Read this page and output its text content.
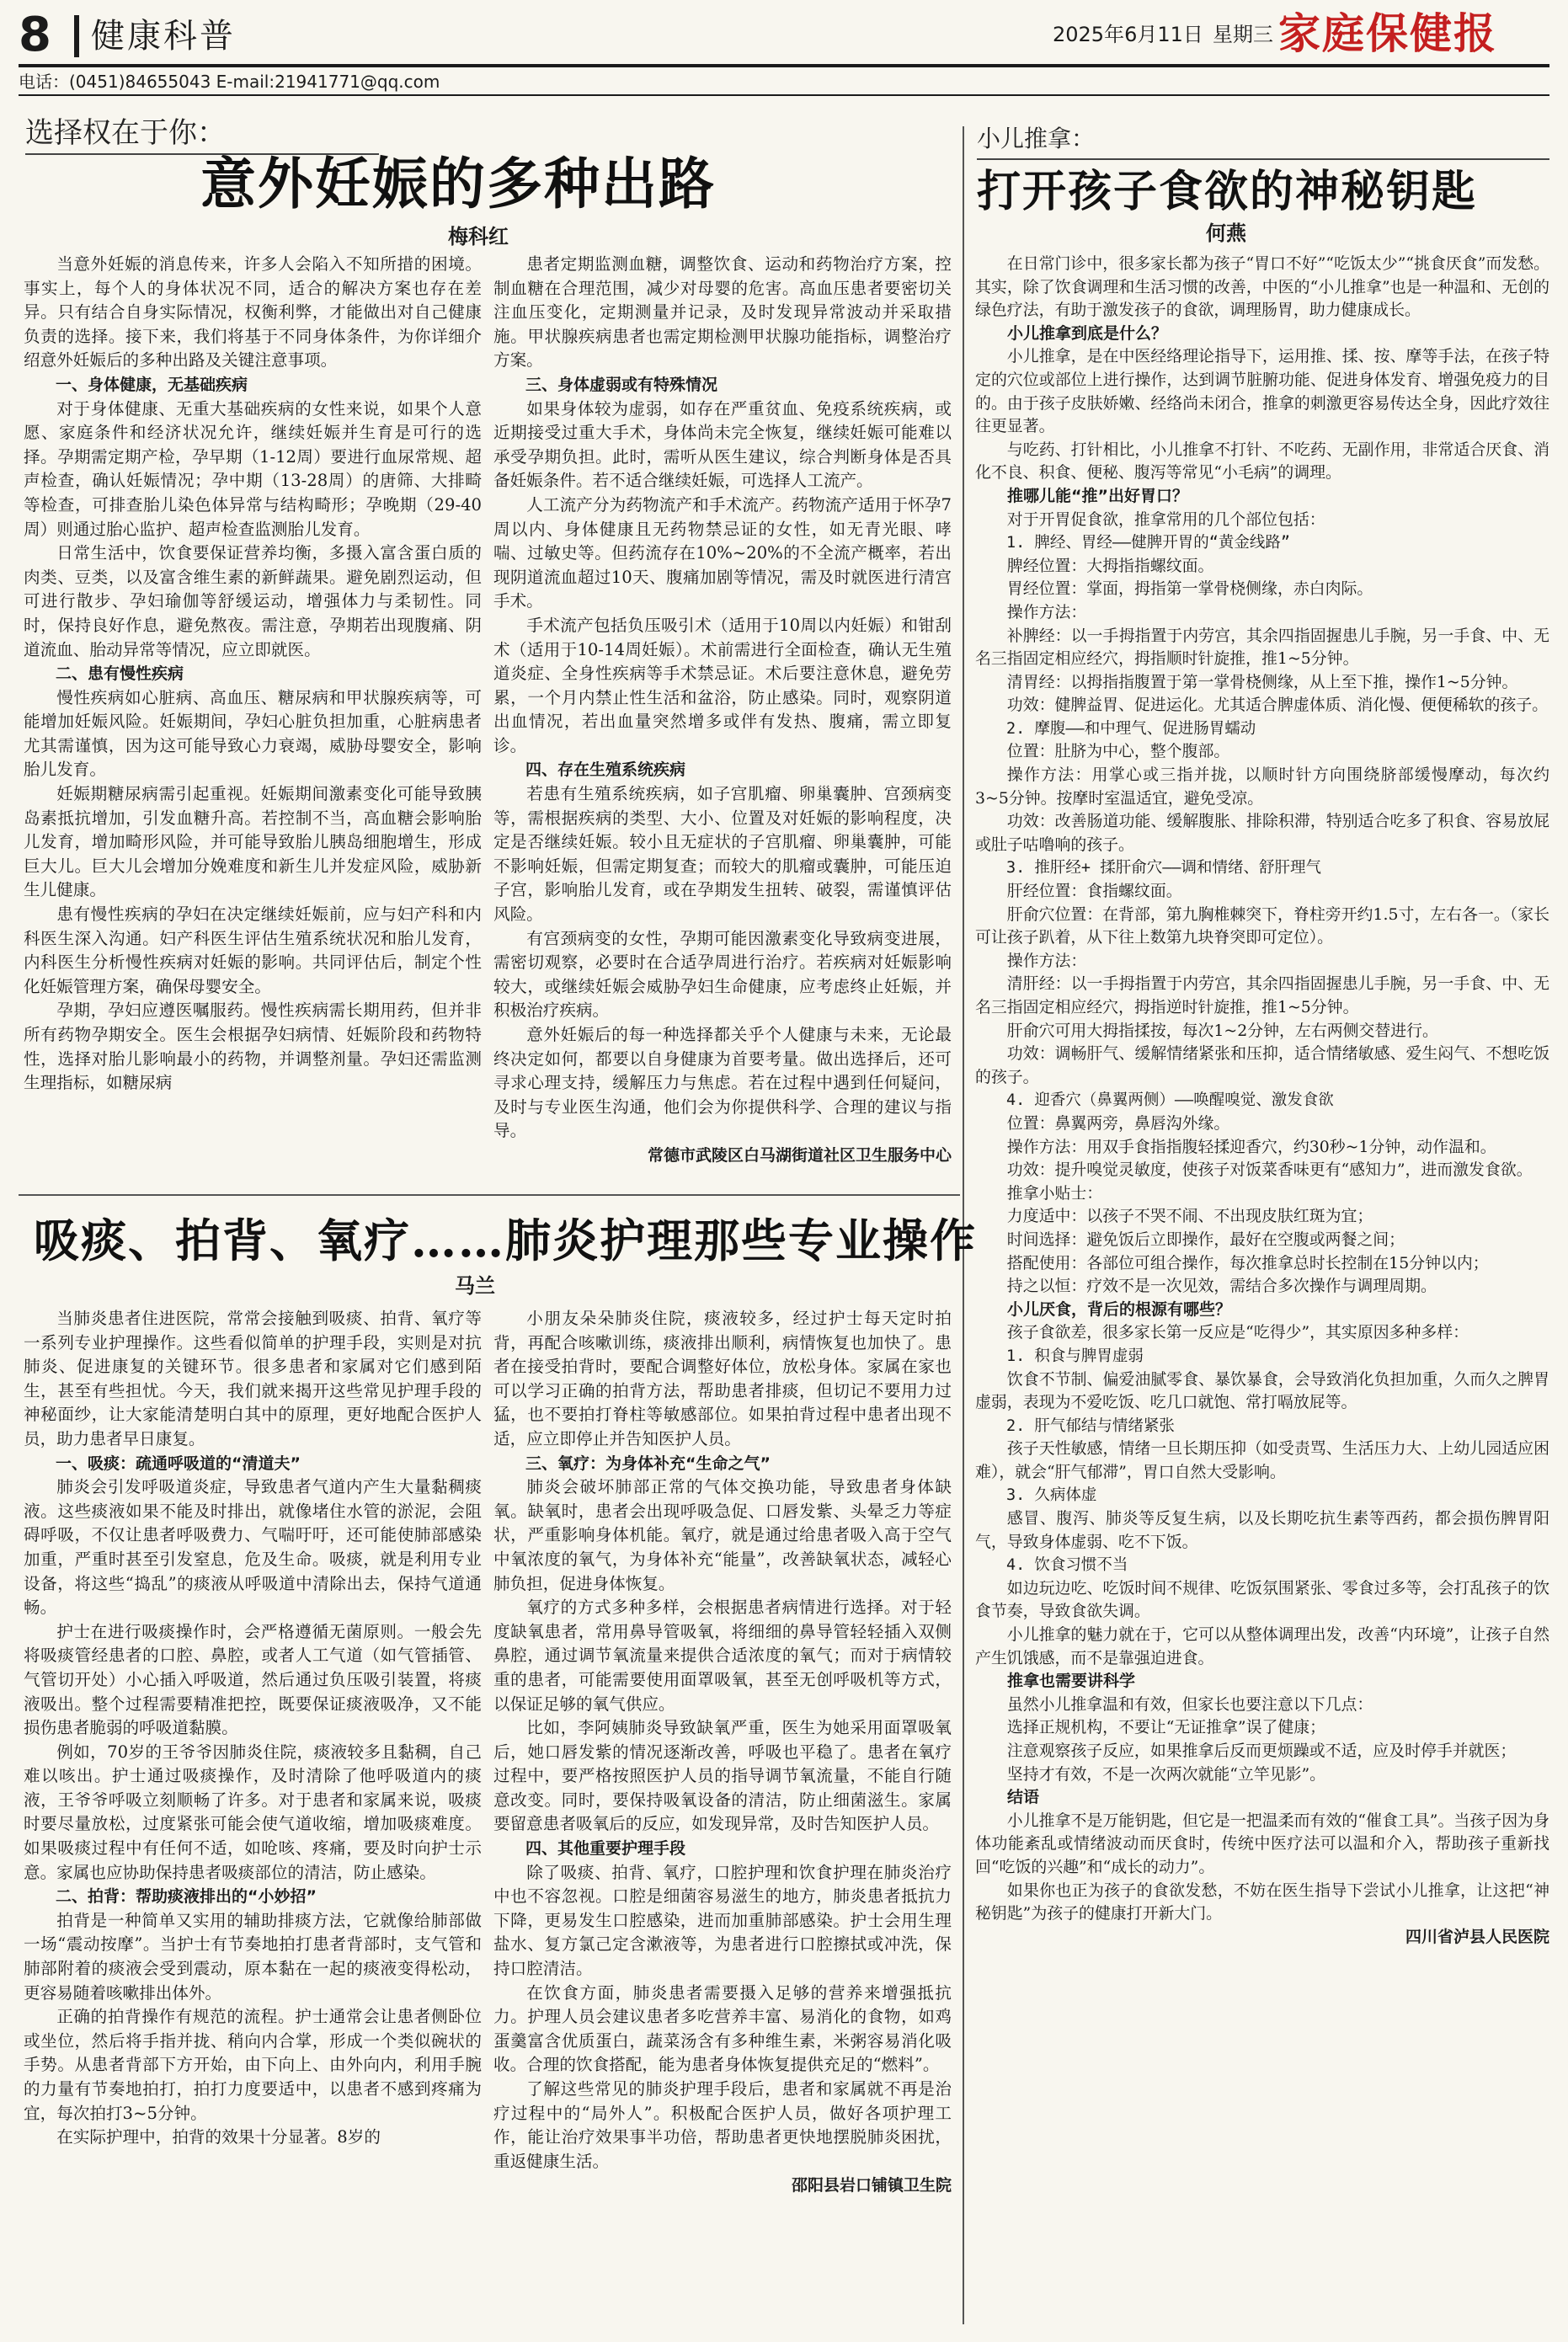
8 健康科普	2025年6月11日 星期三 家庭保健报
电话：(0451)84655043 E-mail:21941771@qq.com
选择权在于你：
意外妊娠的多种出路
梅科红

当意外妊娠的消息传来，许多人会陷入不知所措的困境。事实上，每个人的身体状况不同，适合的解决方案也存在差异。只有结合自身实际情况，权衡利弊，才能做出对自己健康负责的选择。接下来，我们将基于不同身体条件，为你详细介绍意外妊娠后的多种出路及关键注意事项。

一、身体健康，无基础疾病

对于身体健康、无重大基础疾病的女性来说，如果个人意愿、家庭条件和经济状况允许，继续妊娠并生育是可行的选择。孕期需定期产检，孕早期（1-12周）要进行血尿常规、超声检查，确认妊娠情况；孕中期（13-28周）的唐筛、大排畸等检查，可排查胎儿染色体异常与结构畸形；孕晚期（29-40周）则通过胎心监护、超声检查监测胎儿发育。

日常生活中，饮食要保证营养均衡，多摄入富含蛋白质的肉类、豆类，以及富含维生素的新鲜蔬果。避免剧烈运动，但可进行散步、孕妇瑜伽等舒缓运动，增强体力与柔韧性。同时，保持良好作息，避免熬夜。需注意，孕期若出现腹痛、阴道流血、胎动异常等情况，应立即就医。

二、患有慢性疾病

慢性疾病如心脏病、高血压、糖尿病和甲状腺疾病等，可能增加妊娠风险。妊娠期间，孕妇心脏负担加重，心脏病患者尤其需谨慎，因为这可能导致心力衰竭，威胁母婴安全，影响胎儿发育。

妊娠期糖尿病需引起重视。妊娠期间激素变化可能导致胰岛素抵抗增加，引发血糖升高。若控制不当，高血糖会影响胎儿发育，增加畸形风险，并可能导致胎儿胰岛细胞增生，形成巨大儿。巨大儿会增加分娩难度和新生儿并发症风险，威胁新生儿健康。

患有慢性疾病的孕妇在决定继续妊娠前，应与妇产科和内科医生深入沟通。妇产科医生评估生殖系统状况和胎儿发育，内科医生分析慢性疾病对妊娠的影响。共同评估后，制定个性化妊娠管理方案，确保母婴安全。

孕期，孕妇应遵医嘱服药。慢性疾病需长期用药，但并非所有药物孕期安全。医生会根据孕妇病情、妊娠阶段和药物特性，选择对胎儿影响最小的药物，并调整剂量。孕妇还需监测生理指标，如糖尿病

患者定期监测血糖，调整饮食、运动和药物治疗方案，控制血糖在合理范围，减少对母婴的危害。高血压患者要密切关注血压变化，定期测量并记录，及时发现异常波动并采取措施。甲状腺疾病患者也需定期检测甲状腺功能指标，调整治疗方案。

三、身体虚弱或有特殊情况

如果身体较为虚弱，如存在严重贫血、免疫系统疾病，或近期接受过重大手术，身体尚未完全恢复，继续妊娠可能难以承受孕期负担。此时，需听从医生建议，综合判断身体是否具备妊娠条件。若不适合继续妊娠，可选择人工流产。

人工流产分为药物流产和手术流产。药物流产适用于怀孕7周以内、身体健康且无药物禁忌证的女性，如无青光眼、哮喘、过敏史等。但药流存在10%~20%的不全流产概率，若出现阴道流血超过10天、腹痛加剧等情况，需及时就医进行清宫手术。

手术流产包括负压吸引术（适用于10周以内妊娠）和钳刮术（适用于10-14周妊娠）。术前需进行全面检查，确认无生殖道炎症、全身性疾病等手术禁忌证。术后要注意休息，避免劳累，一个月内禁止性生活和盆浴，防止感染。同时，观察阴道出血情况，若出血量突然增多或伴有发热、腹痛，需立即复诊。

四、存在生殖系统疾病

若患有生殖系统疾病，如子宫肌瘤、卵巢囊肿、宫颈病变等，需根据疾病的类型、大小、位置及对妊娠的影响程度，决定是否继续妊娠。较小且无症状的子宫肌瘤、卵巢囊肿，可能不影响妊娠，但需定期复查；而较大的肌瘤或囊肿，可能压迫子宫，影响胎儿发育，或在孕期发生扭转、破裂，需谨慎评估风险。

有宫颈病变的女性，孕期可能因激素变化导致病变进展，需密切观察，必要时在合适孕周进行治疗。若疾病对妊娠影响较大，或继续妊娠会威胁孕妇生命健康，应考虑终止妊娠，并积极治疗疾病。

意外妊娠后的每一种选择都关乎个人健康与未来，无论最终决定如何，都要以自身健康为首要考量。做出选择后，还可寻求心理支持，缓解压力与焦虑。若在过程中遇到任何疑问，及时与专业医生沟通，他们会为你提供科学、合理的建议与指导。

常德市武陵区白马湖街道社区卫生服务中心

吸痰、拍背、氧疗……肺炎护理那些专业操作
马兰

当肺炎患者住进医院，常常会接触到吸痰、拍背、氧疗等一系列专业护理操作。这些看似简单的护理手段，实则是对抗肺炎、促进康复的关键环节。很多患者和家属对它们感到陌生，甚至有些担忧。今天，我们就来揭开这些常见护理手段的神秘面纱，让大家能清楚明白其中的原理，更好地配合医护人员，助力患者早日康复。

一、吸痰：疏通呼吸道的“清道夫”

肺炎会引发呼吸道炎症，导致患者气道内产生大量黏稠痰液。这些痰液如果不能及时排出，就像堵住水管的淤泥，会阻碍呼吸，不仅让患者呼吸费力、气喘吁吁，还可能使肺部感染加重，严重时甚至引发窒息，危及生命。吸痰，就是利用专业设备，将这些“捣乱”的痰液从呼吸道中清除出去，保持气道通畅。

护士在进行吸痰操作时，会严格遵循无菌原则。一般会先将吸痰管经患者的口腔、鼻腔，或者人工气道（如气管插管、气管切开处）小心插入呼吸道，然后通过负压吸引装置，将痰液吸出。整个过程需要精准把控，既要保证痰液吸净，又不能损伤患者脆弱的呼吸道黏膜。

例如，70岁的王爷爷因肺炎住院，痰液较多且黏稠，自己难以咳出。护士通过吸痰操作，及时清除了他呼吸道内的痰液，王爷爷呼吸立刻顺畅了许多。对于患者和家属来说，吸痰时要尽量放松，过度紧张可能会使气道收缩，增加吸痰难度。如果吸痰过程中有任何不适，如呛咳、疼痛，要及时向护士示意。家属也应协助保持患者吸痰部位的清洁，防止感染。

二、拍背：帮助痰液排出的“小妙招”

拍背是一种简单又实用的辅助排痰方法，它就像给肺部做一场“震动按摩”。当护士有节奏地拍打患者背部时，支气管和肺部附着的痰液会受到震动，原本黏在一起的痰液变得松动，更容易随着咳嗽排出体外。

正确的拍背操作有规范的流程。护士通常会让患者侧卧位或坐位，然后将手指并拢、稍向内合掌，形成一个类似碗状的手势。从患者背部下方开始，由下向上、由外向内，利用手腕的力量有节奏地拍打，拍打力度要适中，以患者不感到疼痛为宜，每次拍打3~5分钟。

在实际护理中，拍背的效果十分显著。8岁的

小朋友朵朵肺炎住院，痰液较多，经过护士每天定时拍背，再配合咳嗽训练，痰液排出顺利，病情恢复也加快了。患者在接受拍背时，要配合调整好体位，放松身体。家属在家也可以学习正确的拍背方法，帮助患者排痰，但切记不要用力过猛，也不要拍打脊柱等敏感部位。如果拍背过程中患者出现不适，应立即停止并告知医护人员。

三、氧疗：为身体补充“生命之气”

肺炎会破坏肺部正常的气体交换功能，导致患者身体缺氧。缺氧时，患者会出现呼吸急促、口唇发紫、头晕乏力等症状，严重影响身体机能。氧疗，就是通过给患者吸入高于空气中氧浓度的氧气，为身体补充“能量”，改善缺氧状态，减轻心肺负担，促进身体恢复。

氧疗的方式多种多样，会根据患者病情进行选择。对于轻度缺氧患者，常用鼻导管吸氧，将细细的鼻导管轻轻插入双侧鼻腔，通过调节氧流量来提供合适浓度的氧气；而对于病情较重的患者，可能需要使用面罩吸氧，甚至无创呼吸机等方式，以保证足够的氧气供应。

比如，李阿姨肺炎导致缺氧严重，医生为她采用面罩吸氧后，她口唇发紫的情况逐渐改善，呼吸也平稳了。患者在氧疗过程中，要严格按照医护人员的指导调节氧流量，不能自行随意改变。同时，要保持吸氧设备的清洁，防止细菌滋生。家属要留意患者吸氧后的反应，如发现异常，及时告知医护人员。

四、其他重要护理手段

除了吸痰、拍背、氧疗，口腔护理和饮食护理在肺炎治疗中也不容忽视。口腔是细菌容易滋生的地方，肺炎患者抵抗力下降，更易发生口腔感染，进而加重肺部感染。护士会用生理盐水、复方氯己定含漱液等，为患者进行口腔擦拭或冲洗，保持口腔清洁。

在饮食方面，肺炎患者需要摄入足够的营养来增强抵抗力。护理人员会建议患者多吃营养丰富、易消化的食物，如鸡蛋羹富含优质蛋白，蔬菜汤含有多种维生素，米粥容易消化吸收。合理的饮食搭配，能为患者身体恢复提供充足的“燃料”。

了解这些常见的肺炎护理手段后，患者和家属就不再是治疗过程中的“局外人”。积极配合医护人员，做好各项护理工作，能让治疗效果事半功倍，帮助患者更快地摆脱肺炎困扰，重返健康生活。

邵阳县岩口铺镇卫生院

小儿推拿：
打开孩子食欲的神秘钥匙
何燕

在日常门诊中，很多家长都为孩子“胃口不好”“吃饭太少”“挑食厌食”而发愁。其实，除了饮食调理和生活习惯的改善，中医的“小儿推拿”也是一种温和、无创的绿色疗法，有助于激发孩子的食欲，调理肠胃，助力健康成长。

小儿推拿到底是什么？

小儿推拿，是在中医经络理论指导下，运用推、揉、按、摩等手法，在孩子特定的穴位或部位上进行操作，达到调节脏腑功能、促进身体发育、增强免疫力的目的。由于孩子皮肤娇嫩、经络尚未闭合，推拿的刺激更容易传达全身，因此疗效往往更显著。

与吃药、打针相比，小儿推拿不打针、不吃药、无副作用，非常适合厌食、消化不良、积食、便秘、腹泻等常见“小毛病”的调理。

推哪儿能“推”出好胃口？

对于开胃促食欲，推拿常用的几个部位包括：

1. 脾经、胃经——健脾开胃的“黄金线路”

脾经位置：大拇指指螺纹面。

胃经位置：掌面，拇指第一掌骨桡侧缘，赤白肉际。

操作方法：

补脾经：以一手拇指置于内劳宫，其余四指固握患儿手腕，另一手食、中、无名三指固定相应经穴，拇指顺时针旋推，推1~5分钟。

清胃经：以拇指指腹置于第一掌骨桡侧缘，从上至下推，操作1~5分钟。

功效：健脾益胃、促进运化。尤其适合脾虚体质、消化慢、便便稀软的孩子。

2. 摩腹——和中理气、促进肠胃蠕动

位置：肚脐为中心，整个腹部。

操作方法：用掌心或三指并拢，以顺时针方向围绕脐部缓慢摩动，每次约3~5分钟。按摩时室温适宜，避免受凉。

功效：改善肠道功能、缓解腹胀、排除积滞，特别适合吃多了积食、容易放屁或肚子咕噜响的孩子。

3. 推肝经+ 揉肝俞穴——调和情绪、舒肝理气

肝经位置：食指螺纹面。

肝俞穴位置：在背部，第九胸椎棘突下，脊柱旁开约1.5寸，左右各一。（家长可让孩子趴着，从下往上数第九块脊突即可定位）。

操作方法：

清肝经：以一手拇指置于内劳宫，其余四指固握患儿手腕，另一手食、中、无名三指固定相应经穴，拇指逆时针旋推，推1~5分钟。

肝俞穴可用大拇指揉按，每次1~2分钟，左右两侧交替进行。

功效：调畅肝气、缓解情绪紧张和压抑，适合情绪敏感、爱生闷气、不想吃饭的孩子。

4. 迎香穴（鼻翼两侧）——唤醒嗅觉、激发食欲

位置：鼻翼两旁，鼻唇沟外缘。

操作方法：用双手食指指腹轻揉迎香穴，约30秒~1分钟，动作温和。

功效：提升嗅觉灵敏度，使孩子对饭菜香味更有“感知力”，进而激发食欲。

推拿小贴士：

力度适中：以孩子不哭不闹、不出现皮肤红斑为宜；

时间选择：避免饭后立即操作，最好在空腹或两餐之间；

搭配使用：各部位可组合操作，每次推拿总时长控制在15分钟以内；

持之以恒：疗效不是一次见效，需结合多次操作与调理周期。

小儿厌食，背后的根源有哪些？

孩子食欲差，很多家长第一反应是“吃得少”，其实原因多种多样：

1. 积食与脾胃虚弱

饮食不节制、偏爱油腻零食、暴饮暴食，会导致消化负担加重，久而久之脾胃虚弱，表现为不爱吃饭、吃几口就饱、常打嗝放屁等。

2. 肝气郁结与情绪紧张

孩子天性敏感，情绪一旦长期压抑（如受责骂、生活压力大、上幼儿园适应困难），就会“肝气郁滞”，胃口自然大受影响。

3. 久病体虚

感冒、腹泻、肺炎等反复生病，以及长期吃抗生素等西药，都会损伤脾胃阳气，导致身体虚弱、吃不下饭。

4. 饮食习惯不当

如边玩边吃、吃饭时间不规律、吃饭氛围紧张、零食过多等，会打乱孩子的饮食节奏，导致食欲失调。

小儿推拿的魅力就在于，它可以从整体调理出发，改善“内环境”，让孩子自然产生饥饿感，而不是靠强迫进食。

推拿也需要讲科学

虽然小儿推拿温和有效，但家长也要注意以下几点：

选择正规机构，不要让“无证推拿”误了健康；

注意观察孩子反应，如果推拿后反而更烦躁或不适，应及时停手并就医；

坚持才有效，不是一次两次就能“立竿见影”。

结语

小儿推拿不是万能钥匙，但它是一把温柔而有效的“催食工具”。当孩子因为身体功能紊乱或情绪波动而厌食时，传统中医疗法可以温和介入，帮助孩子重新找回“吃饭的兴趣”和“成长的动力”。

如果你也正为孩子的食欲发愁，不妨在医生指导下尝试小儿推拿，让这把“神秘钥匙”为孩子的健康打开新大门。

四川省泸县人民医院
